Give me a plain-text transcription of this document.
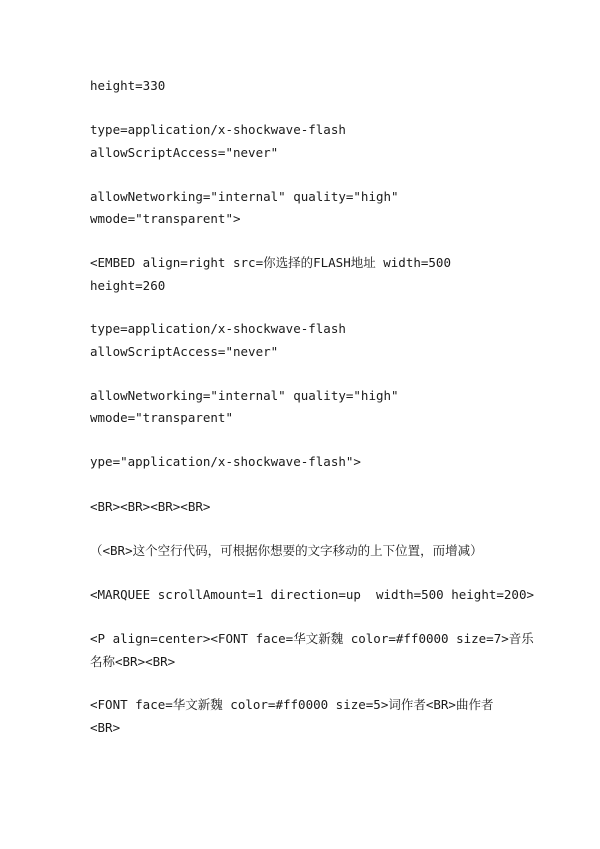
height=330
type=application/x-shockwave-flash
allowScriptAccess="never"
allowNetworking="internal" quality="high"
wmode="transparent">
<EMBED align=right src=你选择的FLASH地址 width=500
height=260
type=application/x-shockwave-flash
allowScriptAccess="never"
allowNetworking="internal" quality="high"
wmode="transparent"
ype="application/x-shockwave-flash">
<BR><BR><BR><BR>
（<BR>这个空行代码，可根据你想要的文字移动的上下位置，而增减）
<MARQUEE scrollAmount=1 direction=up  width=500 height=200>
<P align=center><FONT face=华文新魏 color=#ff0000 size=7>音乐
名称<BR><BR>
<FONT face=华文新魏 color=#ff0000 size=5>词作者<BR>曲作者
<BR>
